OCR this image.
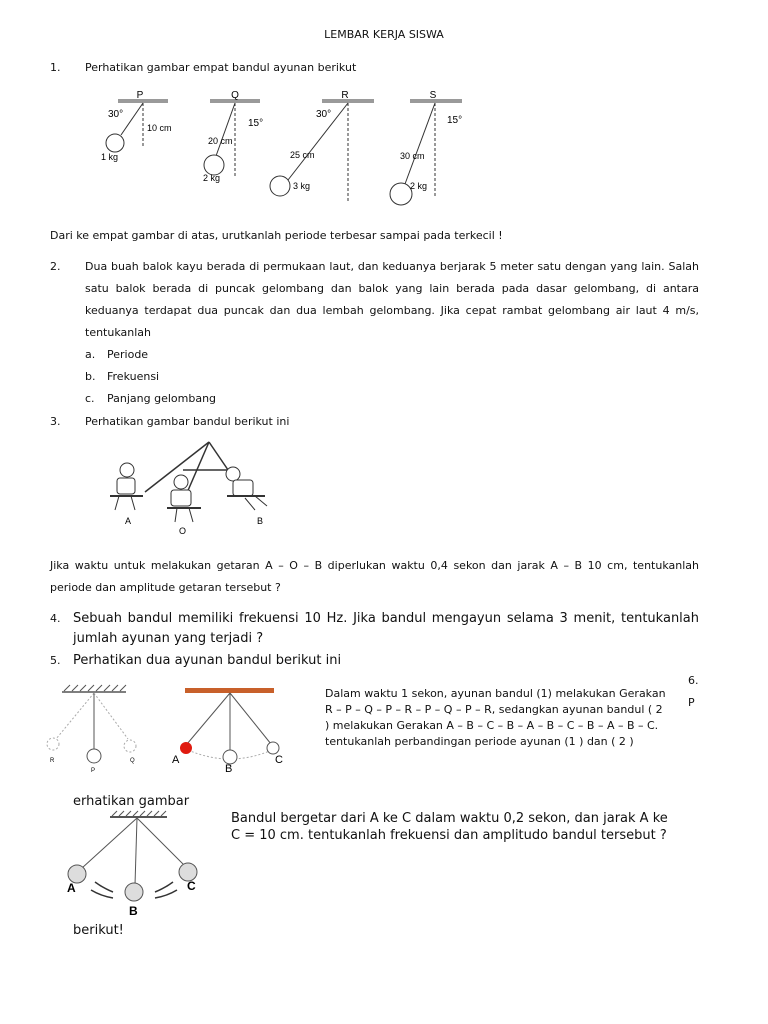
LEMBAR KERJA SISWA
1. Perhatikan gambar empat bandul ayunan berikut
P
30°
10 cm
1 kg
Q
15°
20 cm
2 kg
R
30°
25 cm
3 kg
S
15°
30 cm
2 kg
Dari ke empat gambar di atas, urutkanlah periode terbesar sampai pada terkecil !
2. Dua buah balok kayu berada di permukaan laut, dan keduanya berjarak 5 meter satu dengan yang lain. Salah satu balok berada di puncak gelombang dan balok yang lain berada pada dasar gelombang, di antara keduanya terdapat dua puncak dan dua lembah gelombang. Jika cepat rambat gelombang air laut 4 m/s, tentukanlah
a. Periode
b. Frekuensi
c. Panjang gelombang
3. Perhatikan gambar bandul berikut ini
A
O
B
Jika waktu untuk melakukan getaran A – O – B diperlukan waktu 0,4 sekon dan jarak A – B 10 cm, tentukanlah periode dan amplitude getaran tersebut ?
4. Sebuah bandul memiliki frekuensi 10 Hz. Jika bandul mengayun selama 3 menit, tentukanlah jumlah ayunan yang terjadi ?
5. Perhatikan dua ayunan bandul berikut ini
R
P
Q	A
B
C
Dalam waktu 1 sekon, ayunan bandul (1) melakukan Gerakan R – P – Q – P – R – P – Q – P – R, sedangkan ayunan bandul ( 2 ) melakukan Gerakan A – B – C – B – A – B – C – B – A – B – C. tentukanlah perbandingan periode ayunan (1 ) dan ( 2 )
6.
P
erhatikan gambar
A
B
C
Bandul bergetar dari A ke C dalam waktu 0,2 sekon, dan jarak A ke C = 10 cm. tentukanlah frekuensi dan amplitudo bandul tersebut ?
berikut!
